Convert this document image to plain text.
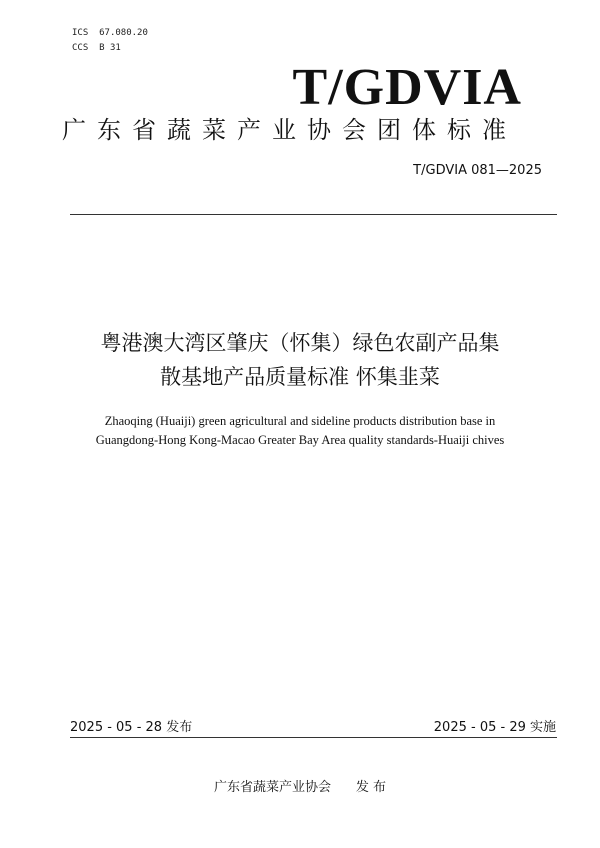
ICS 67.080.20
CCS B 31
T/GDVIA
广东省蔬菜产业协会团体标准
T/GDVIA 081—2025
粤港澳大湾区肇庆（怀集）绿色农副产品集
散基地产品质量标准 怀集韭菜
Zhaoqing (Huaiji) green agricultural and sideline products distribution base in
Guangdong-Hong Kong-Macao Greater Bay Area quality standards-Huaiji chives
2025 - 05 - 28 发布	2025 - 05 - 29 实施
广东省蔬菜产业协会      发 布
